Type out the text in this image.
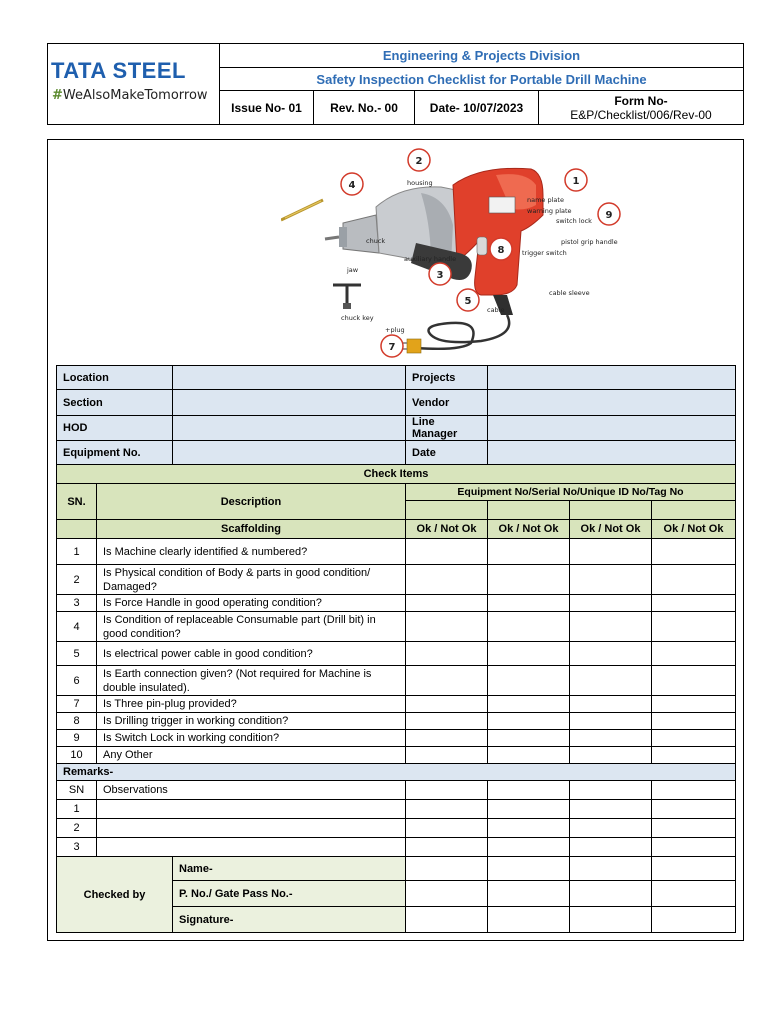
TATA STEEL
#WeAlsoMakeTomorrow
Engineering & Projects Division
Safety Inspection Checklist for Portable Drill Machine
Issue No- 01	Rev. No.- 00	Date- 10/07/2023	Form No-
E&P/Checklist/006/Rev-00
2
1
4
9
8
3
5
7
housing
name plate
warning plate
switch lock
pistol grip handle
chuck
jaw
auxiliary handle
trigger switch
cable sleeve
cable
chuck key
+plug
Location			Projects			
Section			Vendor			
HOD			Line Manager			
Equipment No.			Date			
Check Items						
SN.	Description		Equipment No/Serial No/Unique ID No/Tag No			

	Scaffolding		Ok / Not Ok	Ok / Not Ok	Ok / Not Ok	Ok / Not Ok
1	Is Machine clearly identified & numbered?					
2	Is Physical condition of Body & parts in good condition/ Damaged?					
3	Is Force Handle in good operating condition?					
4	Is Condition of replaceable Consumable part (Drill bit) in good condition?					
5	Is electrical power cable in good condition?					
6	Is Earth connection given? (Not required for Machine is double insulated).					
7	Is Three pin-plug provided?					
8	Is Drilling trigger in working condition?					
9	Is Switch Lock in working condition?					
10	Any Other					
Remarks-						
SN	Observations					
1						
2						
3						
Checked by		Name-				
		P. No./ Gate Pass No.-				
		Signature-				
